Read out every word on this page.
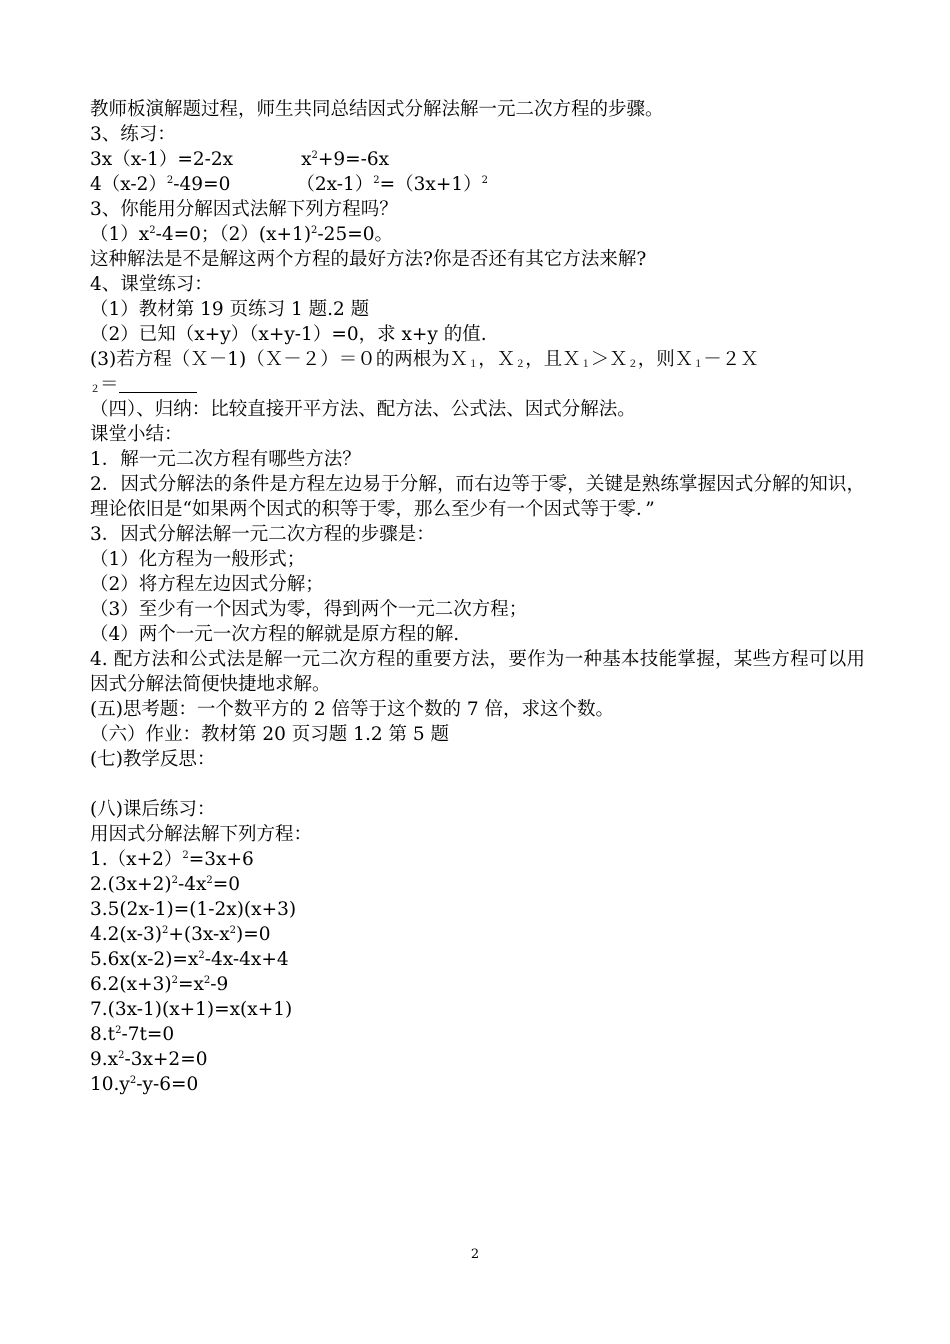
教师板演解题过程，师生共同总结因式分解法解一元二次方程的步骤。
3、练习：
3x（x-1）=2-2x	$x^2+9=-6x$
$4(x-2)^2-49=0$	$(2x-1)^2=(3x+1)^2$
3、你能用分解因式法解下列方程吗？
$(1)x^2-4=0$；$(2)(x+1)^2-25=0$。
这种解法是不是解这两个方程的最好方法?你是否还有其它方法来解?
4、课堂练习：
（1）教材第 19 页练习 1 题.2 题
（2）已知（x+y）（x+y-1）=0，求 x+y 的值.
(3)若方程（Ｘ－1)（Ｘ－２）＝０的两根为Ｘ$_1$，Ｘ$_2$，且Ｘ$_1$＞Ｘ$_2$，则Ｘ$_1$－２Ｘ
$_2$＝
（四）、归纳：比较直接开平方法、配方法、公式法、因式分解法。
课堂小结：
1．解一元二次方程有哪些方法？
2．因式分解法的条件是方程左边易于分解，而右边等于零，关键是熟练掌握因式分解的知识，理论依旧是“如果两个因式的积等于零，那么至少有一个因式等于零．”
3．因式分解法解一元二次方程的步骤是：
（1）化方程为一般形式；
（2）将方程左边因式分解；
（3）至少有一个因式为零，得到两个一元二次方程；
（4）两个一元一次方程的解就是原方程的解.
4. 配方法和公式法是解一元二次方程的重要方法，要作为一种基本技能掌握，某些方程可以用因式分解法简便快捷地求解。
(五)思考题：一个数平方的 2 倍等于这个数的 7 倍，求这个数。
（六）作业：教材第 20 页习题 1.2 第 5 题
(七)教学反思：
(八)课后练习：
用因式分解法解下列方程：
$1.(x+2)^2=3x+6$
$2.(3x+2)^2-4x^2=0$
3.5(2x-1)=(1-2x)(x+3)
$4.2(x-3)^2+(3x-x^2)=0$
$5.6x(x-2)=x^2-4x-4x+4$
$6.2(x+3)^2=x^2-9$
7.(3x-1)(x+1)=x(x+1)
$8.t^2-7t=0$
$9.x^2-3x+2=0$
$10.y^2-y-6=0$
2
